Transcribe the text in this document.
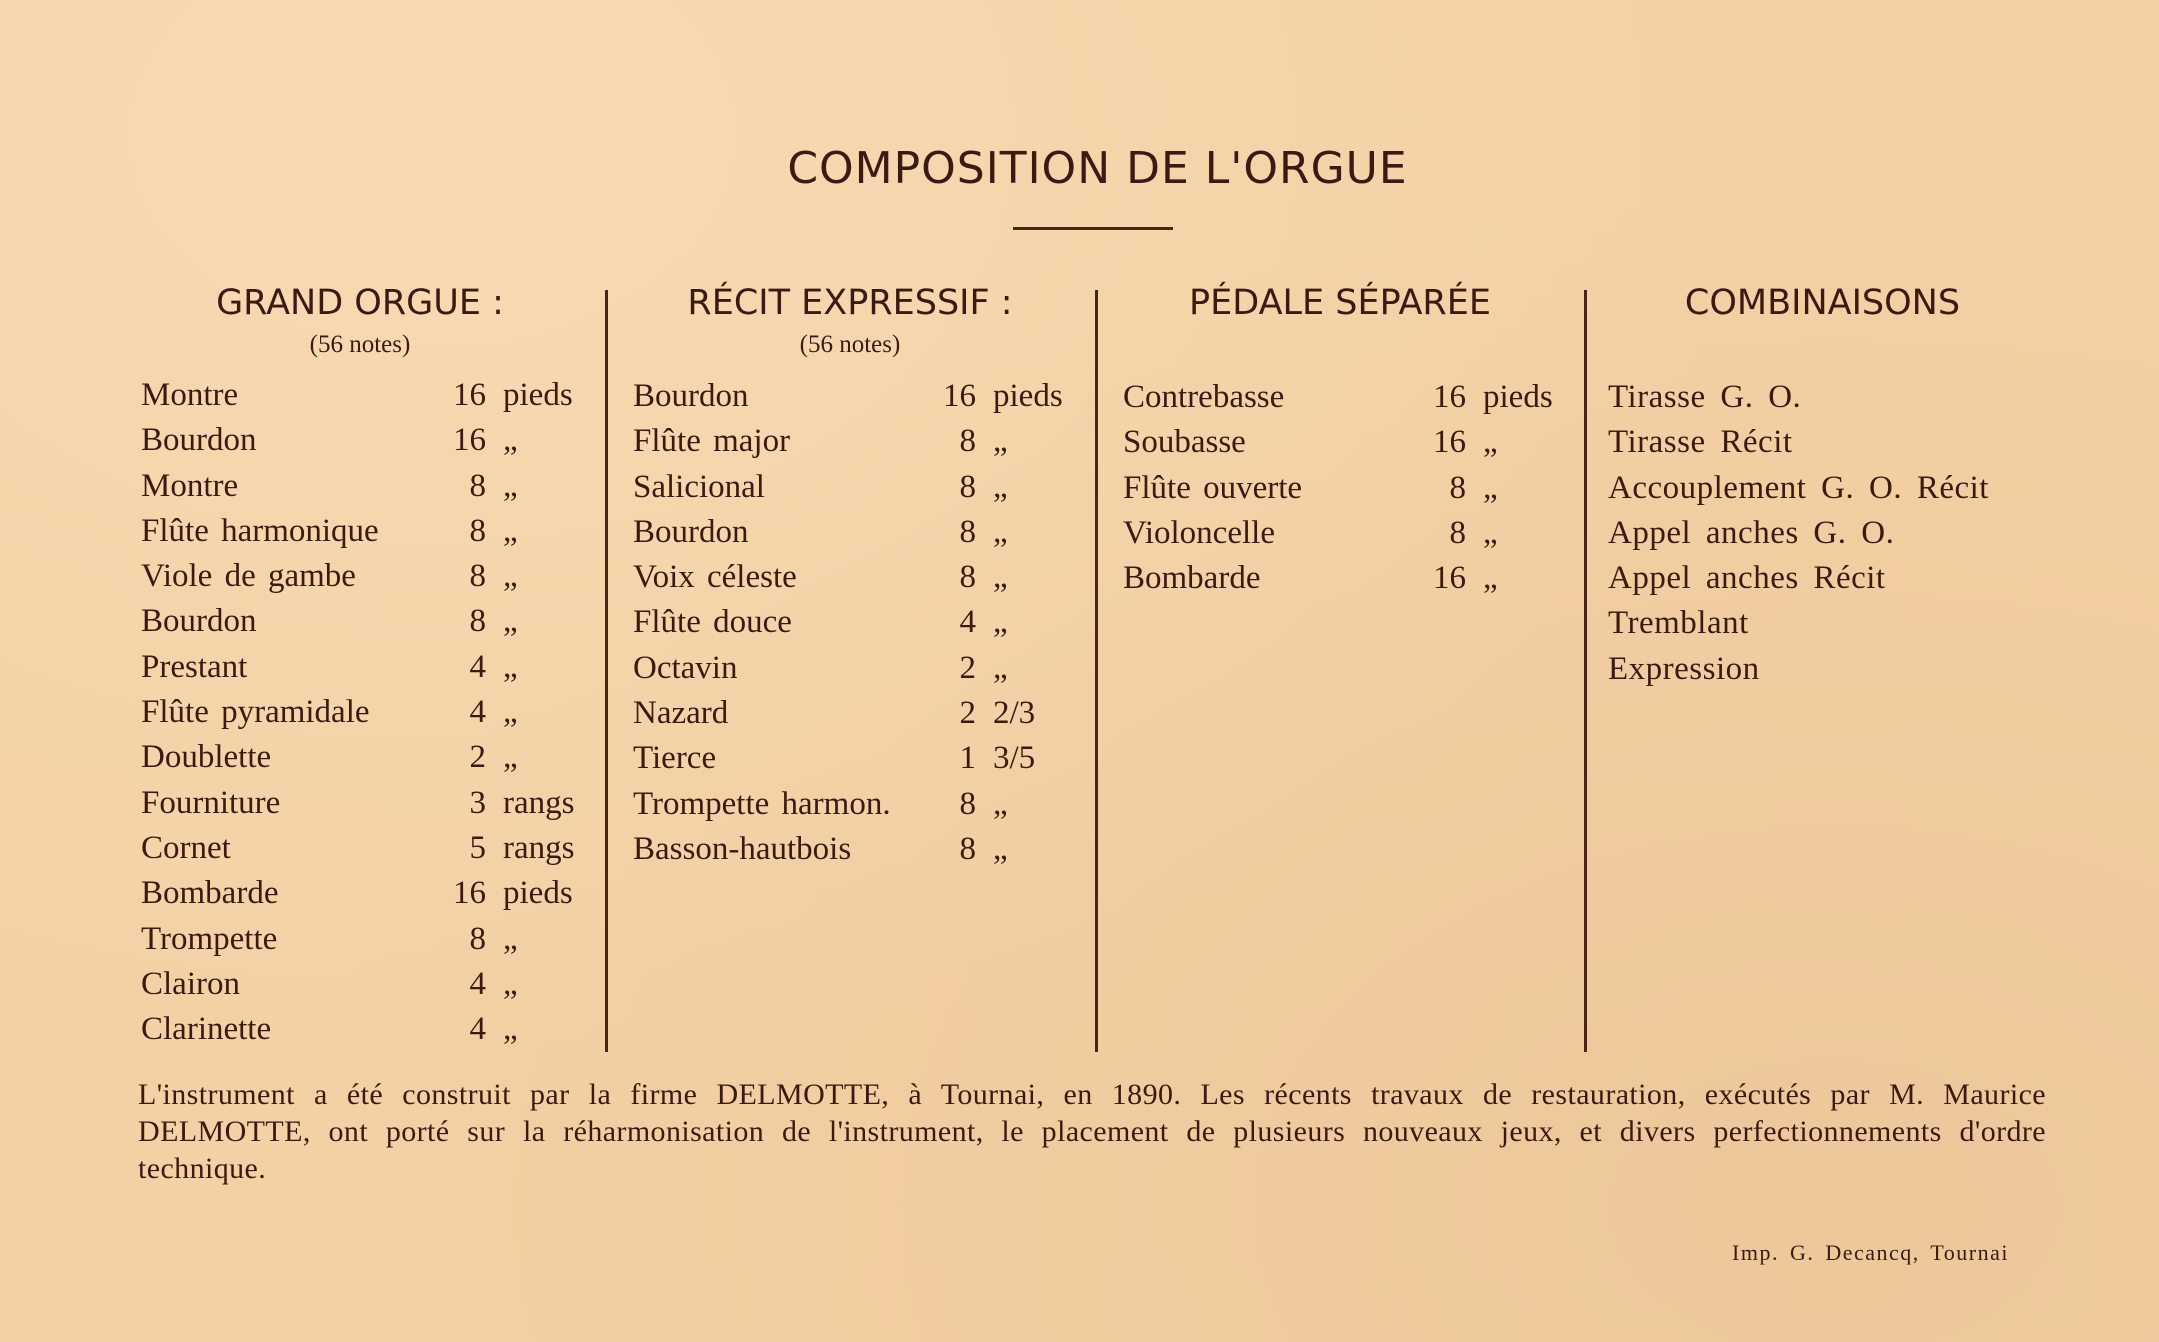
COMPOSITION DE L'ORGUE
GRAND ORGUE :
(56 notes)
Montre	16 pieds
Bourdon	16 „
Montre	8 „
Flûte harmonique	8 „
Viole de gambe	8 „
Bourdon	8 „
Prestant	4 „
Flûte pyramidale	4 „
Doublette	2 „
Fourniture	3 rangs
Cornet	5 rangs
Bombarde	16 pieds
Trompette	8 „
Clairon	4 „
Clarinette	4 „
RÉCIT EXPRESSIF :
(56 notes)
Bourdon	16 pieds
Flûte major	8 „
Salicional	8 „
Bourdon	8 „
Voix céleste	8 „
Flûte douce	4 „
Octavin	2 „
Nazard	2 2/3
Tierce	1 3/5
Trompette harmon.	8 „
Basson-hautbois	8 „
PÉDALE SÉPARÉE
Contrebasse	16 pieds
Soubasse	16 „
Flûte ouverte	8 „
Violoncelle	8 „
Bombarde	16 „
COMBINAISONS
Tirasse G. O.
Tirasse Récit
Accouplement G. O. Récit
Appel anches G. O.
Appel anches Récit
Tremblant
Expression
L'instrument a été construit par la firme DELMOTTE, à Tournai, en 1890. Les récents travaux de restauration, exécutés par M. Maurice DELMOTTE, ont porté sur la réharmonisation de l'instrument, le placement de plusieurs nouveaux jeux, et divers perfectionnements d'ordre technique.
Imp. G. Decancq, Tournai
